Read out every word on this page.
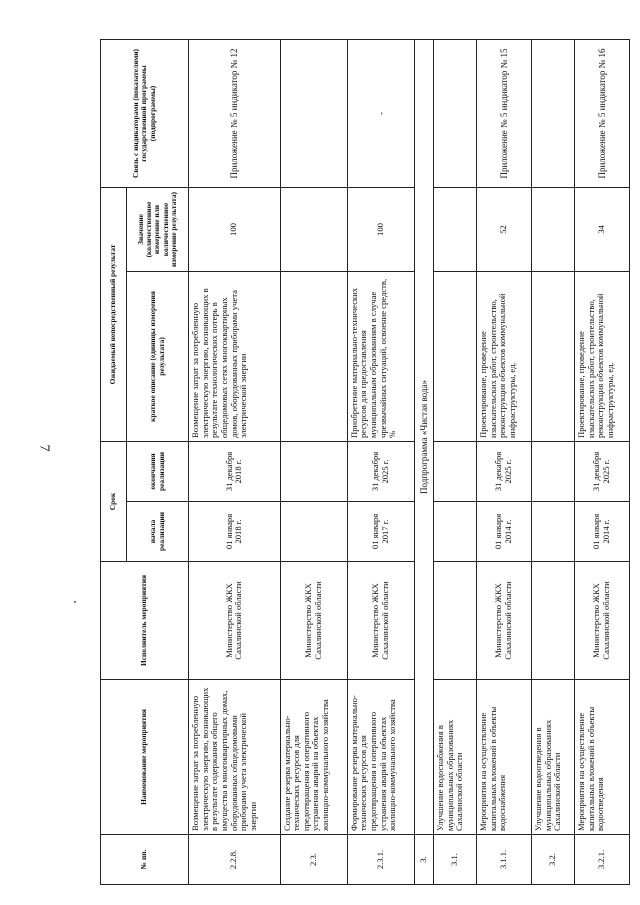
7
№ пп.	Наименование мероприятия	Исполнитель мероприятия	Срок		Ожидаемый непосредственный результат		Связь с индикаторами (показателями) государственной программы (подпрограммы)
			начала реализации	окончания реализации	краткое описание (единицы измерения результата)	Значение (количественное измерение или количественное измерение результата)	
2.2.8.	Возмещение затрат за потребленную электрическую энергию, возникающих в результате содержания общего имущества в многоквартирных домах, оборудованных общедомовыми приборами учета электрической энергии	Министерство ЖКХ Сахалинской области	01 января 2018 г.	31 декабря 2018 г.	Возмещение затрат за потребленную электрическую энергию, возникающих в результате технологических потерь в общедомовых сетях многоквартирных домов, оборудованных приборами учета электрической энергии	100	Приложение № 5 индикатор № 12
2.3.	Создание резерва материально-технических ресурсов для предотвращения и оперативного устранения аварий на объектах жилищно-коммунального хозяйства	Министерство ЖКХ Сахалинской области					
2.3.1.	Формирование резерва материально-технических ресурсов для предотвращения и оперативного устранения аварий на объектах жилищно-коммунального хозяйства	Министерство ЖКХ Сахалинской области	01 января 2017 г.	31 декабря 2025 г.	Приобретение материально-технических ресурсов для предоставления муниципальным образованиям в случае чрезвычайных ситуаций, освоение средств, %	100	-
3.	Подпрограмма «Чистая вода»						
3.1.	Улучшение водоснабжения в муниципальных образованиях Сахалинской области						
3.1.1.	Мероприятия на осуществление капитальных вложений в объекты водоснабжения	Министерство ЖКХ Сахалинской области	01 января 2014 г.	31 декабря 2025 г.	Проектирование, проведение изыскательских работ, строительство, реконструкция объектов коммунальной инфраструктуры, ед.	52	Приложение № 5 индикатор № 15
3.2.	Улучшение водоотведения в муниципальных образованиях Сахалинской области						
3.2.1.	Мероприятия на осуществление капитальных вложений в объекты водоотведения	Министерство ЖКХ Сахалинской области	01 января 2014 г.	31 декабря 2025 г.	Проектирование, проведение изыскательских работ, строительство, реконструкция объектов коммунальной инфраструктуры, ед.	34	Приложение № 5 индикатор № 16
